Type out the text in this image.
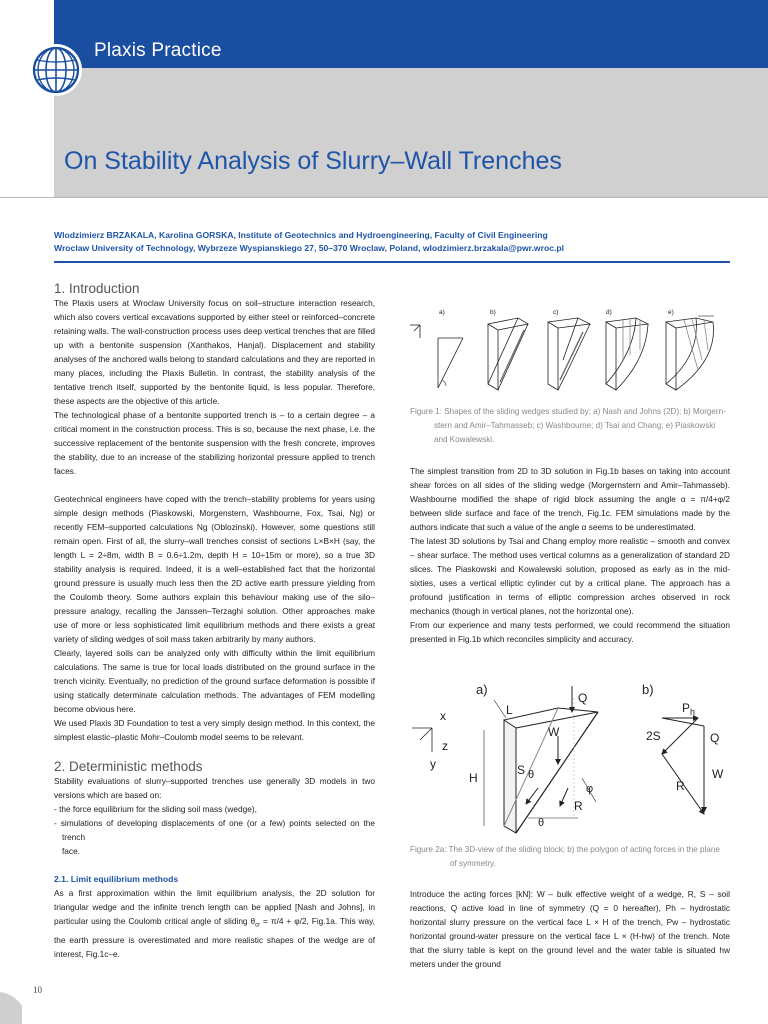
Plaxis Practice
On Stability Analysis of Slurry–Wall Trenches
Wlodzimierz BRZAKALA, Karolina GORSKA, Institute of Geotechnics and Hydroengineering, Faculty of Civil Engineering
Wroclaw University of Technology, Wybrzeze Wyspianskiego 27, 50–370 Wroclaw, Poland, wlodzimierz.brzakala@pwr.wroc.pl
1. Introduction

The Plaxis users at Wroclaw University focus on soil–structure interaction research, which also covers vertical excavations supported by either steel or reinforced–concrete retaining walls. The wall-construction process uses deep vertical trenches that are filled up with a bentonite suspension (Xanthakos, Hanjal). Displacement and stability analyses of the anchored walls belong to standard calculations and they are reported in many places, including the Plaxis Bulletin. In contrast, the stability analysis of the tentative trench itself, supported by the bentonite liquid, is less popular. Therefore, these aspects are the objective of this article.

The technological phase of a bentonite supported trench is – to a certain degree – a critical moment in the construction process. This is so, because the next phase, i.e. the successive replacement of the bentonite suspension with the fresh concrete, improves the stability, due to an increase of the stabilizing horizontal pressure applied to trench faces.

Geotechnical engineers have coped with the trench–stability problems for years using simple design methods (Piaskowski, Morgenstern, Washbourne, Fox, Tsai, Ng) or recently FEM–supported calculations Ng (Oblozinski). However, some questions still remain open. First of all, the slurry–wall trenches consist of sections L×B×H (say, the length L = 2÷8m, width B = 0.6÷1.2m, depth H = 10÷15m or more), so a true 3D stability analysis is required. Indeed, it is a well–established fact that the horizontal ground pressure is usually much less then the 2D active earth pressure yielding from the Coulomb theory. Some authors explain this behaviour making use of the silo–pressure analogy, recalling the Janssen–Terzaghi solution. Other approaches make use of more or less sophisticated limit equilibrium methods and there exists a great variety of sliding wedges of soil mass taken arbitrarily by many authors.

Clearly, layered soils can be analyzed only with difficulty within the limit equilibrium calculations. The same is true for local loads distributed on the ground surface in the trench vicinity. Eventually, no prediction of the ground surface deformation is possible if using statically determinate calculation methods. The advantages of FEM modelling become obvious here.

We used Plaxis 3D Foundation to test a very simply design method. In this context, the simplest elastic–plastic Mohr–Coulomb model seems to be relevant.

2. Deterministic methods

Stability evaluations of slurry–supported trenches use generally 3D models in two versions which are based on:

- the force equilibrium for the sliding soil mass (wedge),

- simulations of developing displacements of one (or a few) points selected on the trench

face.

2.1. Limit equilibrium methods

As a first approximation within the limit equilibrium analysis, the 2D solution for triangular wedge and the infinite trench length can be applied [Nash and Johns], in particular using the Coulomb critical angle of sliding $\theta_{cr} = \pi/4 + \varphi/2$, Fig.1a. This way, the earth pressure is overestimated and more realistic shapes of the wedge are of interest, Fig.1c–e.

a)	b)	c)	d)	e)
Figure 1: Shapes of the sliding wedges studied by: a) Nash and Johns (2D); b) Morgern-
stern and Amir–Tahmasseb; c) Washbourne; d) Tsai and Chang; e) Piaskowski
and Kowalewski.

The simplest transition from 2D to 3D solution in Fig.1b bases on taking into account shear forces on all sides of the sliding wedge (Morgernstern and Amir–Tahmasseb). Washbourne modified the shape of rigid block assuming the angle α = π/4+φ/2 between slide surface and face of the trench, Fig.1c. FEM simulations made by the authors indicate that such a value of the angle α seems to be underestimated.

The latest 3D solutions by Tsai and Chang employ more realistic – smooth and convex – shear surface. The method uses vertical columns as a generalization of standard 2D slices. The Piaskowski and Kowalewski solution, proposed as early as in the mid-sixties, uses a vertical elliptic cylinder cut by a critical plane. The approach has a profound justification in terms of elliptic compression arches observed in rock mechanics (though in vertical planes, not the horizontal one).

From our experience and many tests performed, we could recommend the situation presented in Fig.1b which reconciles simplicity and accuracy.

a)	b)
x
z
y
L
H
W
Q
S θ
R
φ
θ
$P_h$
2S	Q
R
W
Figure 2a: The 3D-view of the sliding block; b) the polygon of acting forces in the plane
of symmetry.

Introduce the acting forces [kN]: W – bulk effective weight of a wedge, R, S – soil reactions, Q active load in line of symmetry (Q = 0 hereafter), Ph – hydrostatic horizontal slurry pressure on the vertical face L × H of the trench, Pw – hydrostatic horizontal ground-water pressure on the vertical face L × (H-hw) of the trench. Note that the slurry table is kept on the ground level and the water table is situated hw meters under the ground

10
